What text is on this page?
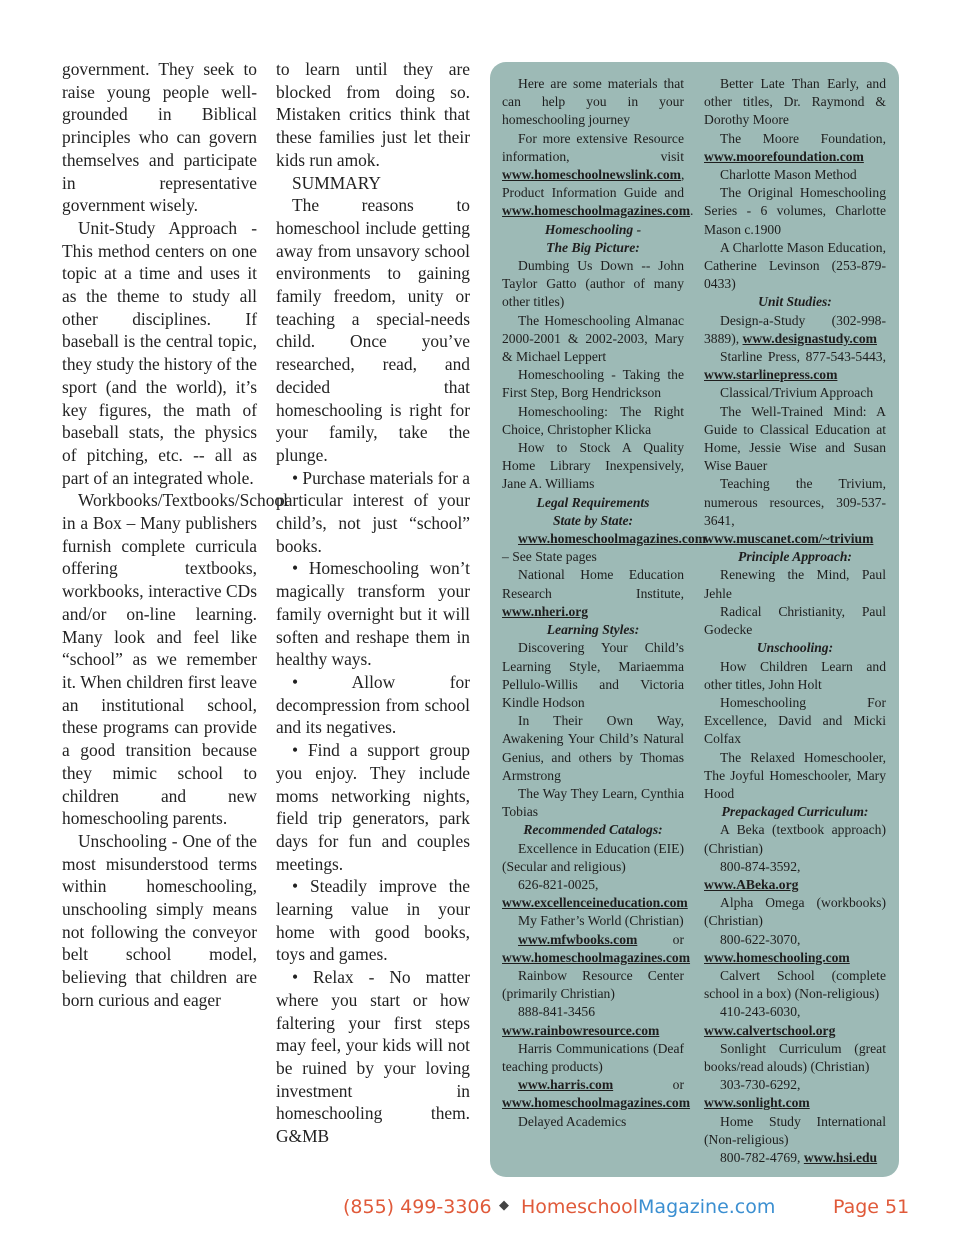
government. They seek to raise young people well-grounded in Biblical principles who can govern themselves and participate in representative government wisely.

Unit-Study Approach - This method centers on one topic at a time and uses it as the theme to study all other disciplines. If baseball is the central topic, they study the history of the sport (and the world), it’s key figures, the math of baseball stats, the physics of pitching, etc. -- all as part of an integrated whole.

Workbooks/Textbooks/School in a Box – Many publishers furnish complete curricula offering textbooks, workbooks, interactive CDs and/or on-line learning. Many look and feel like “school” as we remember it. When children first leave an institutional school, these programs can provide a good transition because they mimic school to children and new homeschooling parents.

Unschooling - One of the most misunderstood terms within homeschooling, unschooling simply means not following the conveyor belt school model, believing that children are born curious and eager

to learn until they are blocked from doing so. Mistaken critics think that these families just let their kids run amok.

SUMMARY

The reasons to homeschool include getting away from unsavory school environments to gaining family freedom, unity or teaching a special-needs child. Once you’ve researched, read, and decided that homeschooling is right for your family, take the plunge.

• Purchase materials for a particular interest of your child’s, not just “school” books.

• Homeschooling won’t magically transform your family overnight but it will soften and reshape them in healthy ways.

• Allow for decompression from school and its negatives.

• Find a support group you enjoy. They include moms networking nights, field trip generators, park days for fun and couples meetings.

• Steadily improve the learning value in your home with good books, toys and games.

• Relax - No matter where you start or how faltering your first steps may feel, your kids will not be ruined by your loving investment in homeschooling them. G&MB

Here are some materials that can help you in your homeschooling journey

For more extensive Resource information, visit www.homeschoolnewslink.com, Product Information Guide and www.homeschoolmagazines.com.

Homeschooling -

The Big Picture:

Dumbing Us Down -- John Taylor Gatto (author of many other titles)

The Homeschooling Almanac 2000-2001 & 2002-2003, Mary & Michael Leppert

Homeschooling - Taking the First Step, Borg Hendrickson

Homeschooling: The Right Choice, Christopher Klicka

How to Stock A Quality Home Library Inexpensively, Jane A. Williams

Legal Requirements

State by State:

www.homeschoolmagazines.com – See State pages

National Home Education Research Institute, www.nheri.org

Learning Styles:

Discovering Your Child’s Learning Style, Mariaemma Pellulo-Willis and Victoria Kindle Hodson

In Their Own Way, Awakening Your Child’s Natural Genius, and others by Thomas Armstrong

The Way They Learn, Cynthia Tobias

Recommended Catalogs:

Excellence in Education (EIE) (Secular and religious)

626-821-0025, www.excellenceineducation.com

My Father’s World (Christian)

www.mfwbooks.com or www.homeschoolmagazines.com

Rainbow Resource Center (primarily Christian)

888-841-3456 www.rainbowresource.com

Harris Communications (Deaf teaching products)

www.harris.com or www.homeschoolmagazines.com

Delayed Academics

Better Late Than Early, and other titles, Dr. Raymond & Dorothy Moore

The Moore Foundation, www.moorefoundation.com

Charlotte Mason Method

The Original Homeschooling Series - 6 volumes, Charlotte Mason c.1900

A Charlotte Mason Education, Catherine Levinson (253-879-0433)

Unit Studies:

Design-a-Study (302-998-3889), www.designastudy.com

Starline Press, 877-543-5443, www.starlinepress.com

Classical/Trivium Approach

The Well-Trained Mind: A Guide to Classical Education at Home, Jessie Wise and Susan Wise Bauer

Teaching the Trivium, numerous resources, 309-537-3641, www.muscanet.com/~trivium

Principle Approach:

Renewing the Mind, Paul Jehle

Radical Christianity, Paul Godecke

Unschooling:

How Children Learn and other titles, John Holt

Homeschooling For Excellence, David and Micki Colfax

The Relaxed Homeschooler, The Joyful Homeschooler, Mary Hood

Prepackaged Curriculum:

A Beka (textbook approach) (Christian)

800-874-3592, www.ABeka.org

Alpha Omega (workbooks) (Christian)

800-622-3070, www.homeschooling.com

Calvert School (complete school in a box) (Non-religious)

410-243-6030, www.calvertschool.org

Sonlight Curriculum (great books/read alouds) (Christian)

303-730-6292, www.sonlight.com

Home Study International (Non-religious)

800-782-4769, www.hsi.edu

(855) 499-3306 ◆ HomeschoolMagazine.com	Page 51
